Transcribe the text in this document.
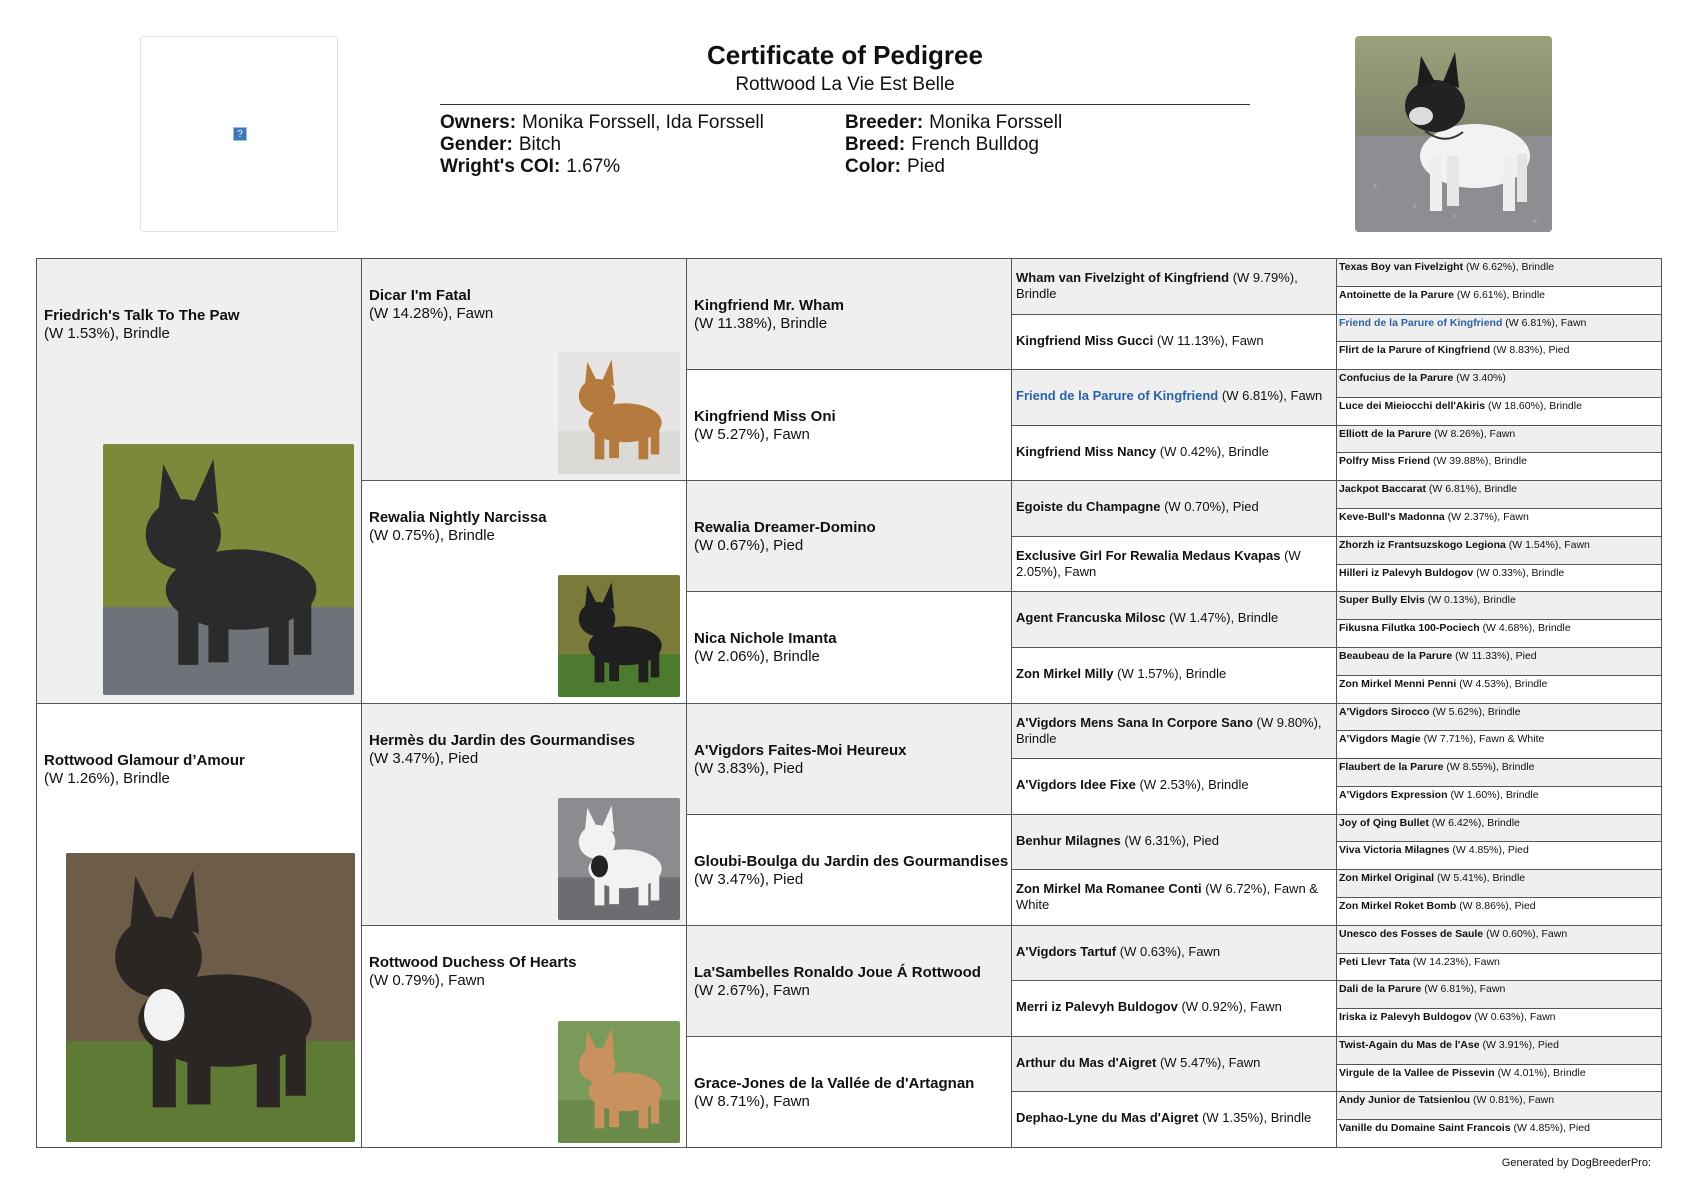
?
Certificate of Pedigree
Rottwood La Vie Est Belle
Owners: Monika Forssell, Ida Forssell
Gender: Bitch
Wright's COI: 1.67%
Breeder: Monika Forssell
Breed: French Bulldog
Color: Pied
Friedrich's Talk To The Paw
(W 1.53%), Brindle
Rottwood Glamour d’Amour
(W 1.26%), Brindle
Dicar I'm Fatal
(W 14.28%), Fawn
Rewalia Nightly Narcissa
(W 0.75%), Brindle
Hermès du Jardin des Gourmandises
(W 3.47%), Pied
Rottwood Duchess Of Hearts
(W 0.79%), Fawn
Kingfriend Mr. Wham
(W 11.38%), Brindle
Kingfriend Miss Oni
(W 5.27%), Fawn
Rewalia Dreamer-Domino
(W 0.67%), Pied
Nica Nichole Imanta
(W 2.06%), Brindle
A'Vigdors Faites-Moi Heureux
(W 3.83%), Pied
Gloubi-Boulga du Jardin des Gourmandises
(W 3.47%), Pied
La'Sambelles Ronaldo Joue Á Rottwood
(W 2.67%), Fawn
Grace-Jones de la Vallée de d'Artagnan
(W 8.71%), Fawn
Wham van Fivelzight of Kingfriend (W 9.79%), Brindle
Kingfriend Miss Gucci (W 11.13%), Fawn
Friend de la Parure of Kingfriend (W 6.81%), Fawn
Kingfriend Miss Nancy (W 0.42%), Brindle
Egoiste du Champagne (W 0.70%), Pied
Exclusive Girl For Rewalia Medaus Kvapas (W 2.05%), Fawn
Agent Francuska Milosc (W 1.47%), Brindle
Zon Mirkel Milly (W 1.57%), Brindle
A'Vigdors Mens Sana In Corpore Sano (W 9.80%), Brindle
A'Vigdors Idee Fixe (W 2.53%), Brindle
Benhur Milagnes (W 6.31%), Pied
Zon Mirkel Ma Romanee Conti (W 6.72%), Fawn & White
A'Vigdors Tartuf (W 0.63%), Fawn
Merri iz Palevyh Buldogov (W 0.92%), Fawn
Arthur du Mas d'Aigret (W 5.47%), Fawn
Dephao-Lyne du Mas d'Aigret (W 1.35%), Brindle
Texas Boy van Fivelzight (W 6.62%), Brindle
Antoinette de la Parure (W 6.61%), Brindle
Friend de la Parure of Kingfriend (W 6.81%), Fawn
Flirt de la Parure of Kingfriend (W 8.83%), Pied
Confucius de la Parure (W 3.40%)
Luce dei Mieiocchi dell'Akiris (W 18.60%), Brindle
Elliott de la Parure (W 8.26%), Fawn
Polfry Miss Friend (W 39.88%), Brindle
Jackpot Baccarat (W 6.81%), Brindle
Keve-Bull's Madonna (W 2.37%), Fawn
Zhorzh iz Frantsuzskogo Legiona (W 1.54%), Fawn
Hilleri iz Palevyh Buldogov (W 0.33%), Brindle
Super Bully Elvis (W 0.13%), Brindle
Fikusna Filutka 100-Pociech (W 4.68%), Brindle
Beaubeau de la Parure (W 11.33%), Pied
Zon Mirkel Menni Penni (W 4.53%), Brindle
A'Vigdors Sirocco (W 5.62%), Brindle
A'Vigdors Magie (W 7.71%), Fawn & White
Flaubert de la Parure (W 8.55%), Brindle
A'Vigdors Expression (W 1.60%), Brindle
Joy of Qing Bullet (W 6.42%), Brindle
Viva Victoria Milagnes (W 4.85%), Pied
Zon Mirkel Original (W 5.41%), Brindle
Zon Mirkel Roket Bomb (W 8.86%), Pied
Unesco des Fosses de Saule (W 0.60%), Fawn
Peti Llevr Tata (W 14.23%), Fawn
Dali de la Parure (W 6.81%), Fawn
Iriska iz Palevyh Buldogov (W 0.63%), Fawn
Twist-Again du Mas de l'Ase (W 3.91%), Pied
Virgule de la Vallee de Pissevin (W 4.01%), Brindle
Andy Junior de Tatsienlou (W 0.81%), Fawn
Vanille du Domaine Saint Francois (W 4.85%), Pied
Generated by DogBreederPro:
